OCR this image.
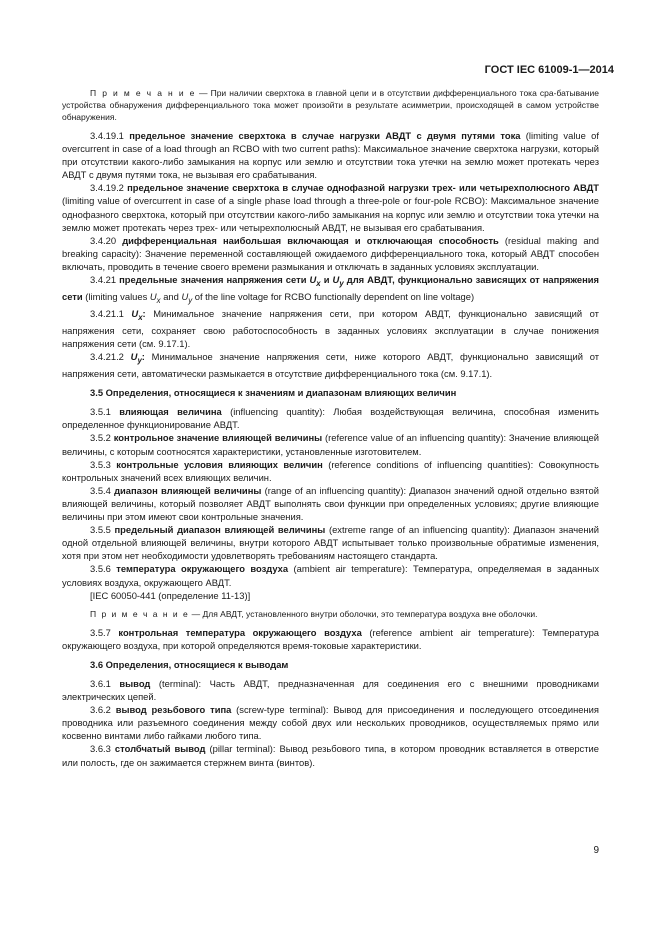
ГОСТ IEC 61009-1—2014

П р и м е ч а н и е — При наличии сверхтока в главной цепи и в отсутствии дифференциального тока сра-батывание устройства обнаружения дифференциального тока может произойти в результате асимметрии, происходящей в самом устройстве обнаружения.

3.4.19.1 предельное значение сверхтока в случае нагрузки АВДТ с двумя путями тока (limiting value of overcurrent in case of a load through an RCBO with two current paths): Максимальное значение сверхтока нагрузки, который при отсутствии какого-либо замыкания на корпус или землю и отсутствии тока утечки на землю может протекать через АВДТ с двумя путями тока, не вызывая его срабатывания.

3.4.19.2 предельное значение сверхтока в случае однофазной нагрузки трех- или четырехполюсного АВДТ (limiting value of overcurrent in case of a single phase load through a three-pole or four-pole RCBO): Максимальное значение однофазного сверхтока, который при отсутствии какого-либо замыкания на корпус или землю и отсутствии тока утечки на землю может протекать через трех- или четырехполюсный АВДТ, не вызывая его срабатывания.

3.4.20 дифференциальная наибольшая включающая и отключающая способность (residual making and breaking capacity): Значение переменной составляющей ожидаемого дифференциального тока, который АВДТ способен включать, проводить в течение своего времени размыкания и отключать в заданных условиях эксплуатации.

3.4.21 предельные значения напряжения сети $U_x$ и $U_y$ для АВДТ, функционально зависящих от напряжения сети (limiting values $U_x$ and $U_y$ of the line voltage for RCBO functionally dependent on line voltage)

3.4.21.1 $U_x$: Минимальное значение напряжения сети, при котором АВДТ, функционально зависящий от напряжения сети, сохраняет свою работоспособность в заданных условиях эксплуатации в случае понижения напряжения сети (см. 9.17.1).

3.4.21.2 $U_y$: Минимальное значение напряжения сети, ниже которого АВДТ, функционально зависящий от напряжения сети, автоматически размыкается в отсутствие дифференциального тока (см. 9.17.1).

3.5 Определения, относящиеся к значениям и диапазонам влияющих величин

3.5.1 влияющая величина (influencing quantity): Любая воздействующая величина, способная изменить определенное функционирование АВДТ.

3.5.2 контрольное значение влияющей величины (reference value of an influencing quantity): Значение влияющей величины, с которым соотносятся характеристики, установленные изготовителем.

3.5.3 контрольные условия влияющих величин (reference conditions of influencing quantities): Совокупность контрольных значений всех влияющих величин.

3.5.4 диапазон влияющей величины (range of an influencing quantity): Диапазон значений одной отдельно взятой влияющей величины, который позволяет АВДТ выполнять свои функции при определенных условиях; другие влияющие величины при этом имеют свои контрольные значения.

3.5.5 предельный диапазон влияющей величины (extreme range of an influencing quantity): Диапазон значений одной отдельной влияющей величины, внутри которого АВДТ испытывает только произвольные обратимые изменения, хотя при этом нет необходимости удовлетворять требованиям настоящего стандарта.

3.5.6 температура окружающего воздуха (ambient air temperature): Температура, определяемая в заданных условиях воздуха, окружающего АВДТ.

[IEC 60050-441 (определение 11-13)]

П р и м е ч а н и е — Для АВДТ, установленного внутри оболочки, это температура воздуха вне оболочки.

3.5.7 контрольная температура окружающего воздуха (reference ambient air temperature): Температура окружающего воздуха, при которой определяются время-токовые характеристики.

3.6 Определения, относящиеся к выводам

3.6.1 вывод (terminal): Часть АВДТ, предназначенная для соединения его с внешними проводниками электрических цепей.

3.6.2 вывод резьбового типа (screw-type terminal): Вывод для присоединения и последующего отсоединения проводника или разъемного соединения между собой двух или нескольких проводников, осуществляемых прямо или косвенно винтами либо гайками любого типа.

3.6.3 столбчатый вывод (pillar terminal): Вывод резьбового типа, в котором проводник вставляется в отверстие или полость, где он зажимается стержнем винта (винтов).

9
